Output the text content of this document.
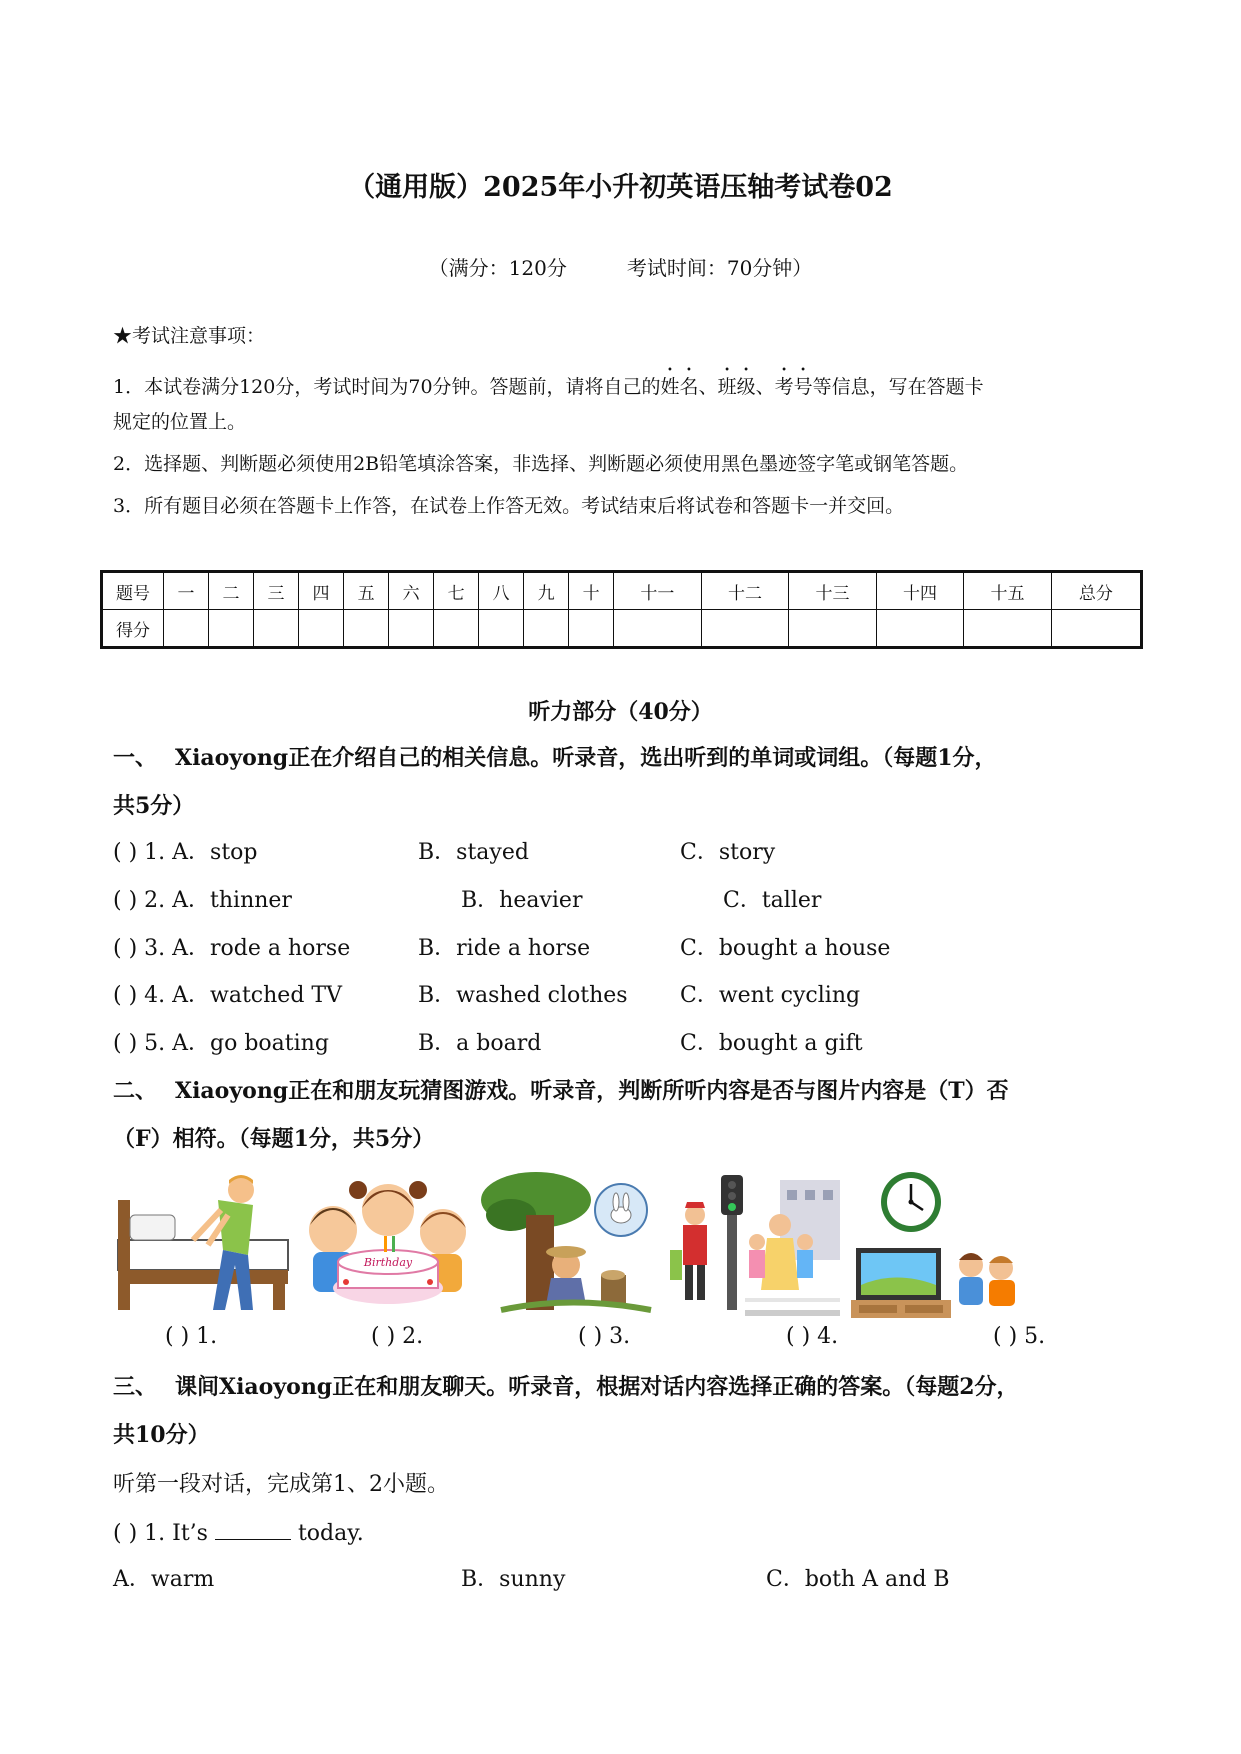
（通用版）2025年小升初英语压轴考试卷02
（满分：120分	考试时间：70分钟）
★考试注意事项：
1．本试卷满分120分，考试时间为70分钟。答题前，请将自己的姓名、班级、考号等信息，写在答题卡
规定的位置上。
2．选择题、判断题必须使用2B铅笔填涂答案，非选择、判断题必须使用黑色墨迹签字笔或钢笔答题。
3．所有题目必须在答题卡上作答，在试卷上作答无效。考试结束后将试卷和答题卡一并交回。
题号	一	二	三	四	五	六	七	八	九	十	十一	十二	十三	十四	十五	总分
得分																
听力部分（40分）
一、 Xiaoyong正在介绍自己的相关信息。听录音，选出听到的单词或词组。（每题1分，
共5分）
( ) 1. A．stop	B．stayed	C．story
( ) 2. A．thinner	B．heavier	C．taller
( ) 3. A．rode a horse	B．ride a horse	C．bought a house
( ) 4. A．watched TV	B．washed clothes C．went cycling
( ) 5. A．go boating	B．a board	C．bought a gift
二、 Xiaoyong正在和朋友玩猜图游戏。听录音，判断所听内容是否与图片内容是（T）否
（F）相符。（每题1分，共5分）
Birthday
( ) 1.	( ) 2.	( ) 3.	( ) 4.	( ) 5.
三、 课间Xiaoyong正在和朋友聊天。听录音，根据对话内容选择正确的答案。（每题2分，
共10分）
听第一段对话，完成第1、2小题。
( ) 1. It’s	today.
A．warm	B．sunny	C．both A and B
